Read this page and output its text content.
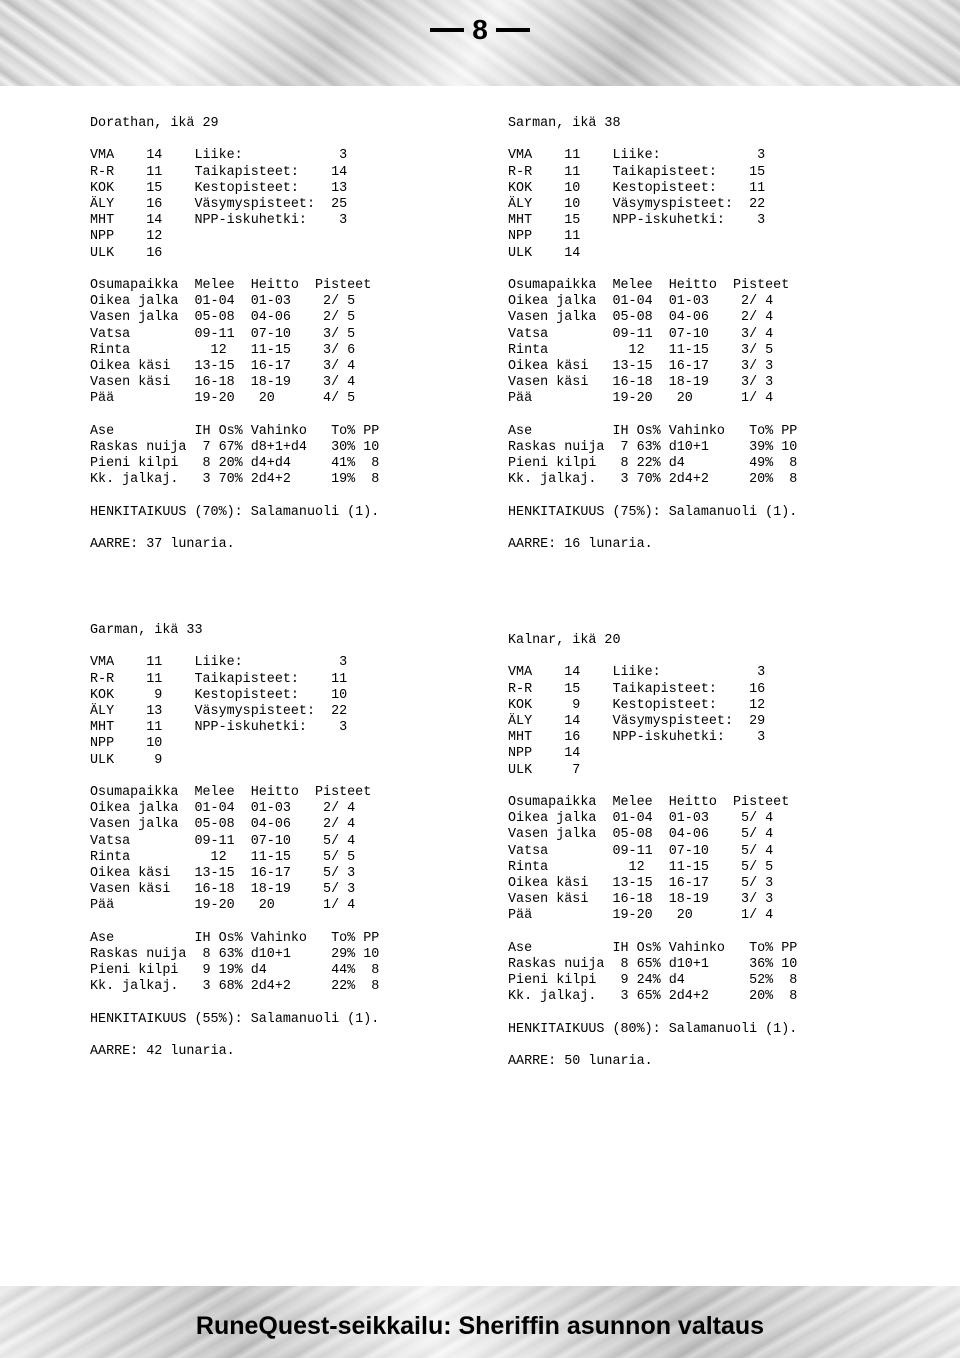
8
Dorathan, ikä 29

VMA    14    Liike:            3
R-R    11    Taikapisteet:    14
KOK    15    Kestopisteet:    13
ÄLY    16    Väsymyspisteet:  25
MHT    14    NPP-iskuhetki:    3
NPP    12
ULK    16

Osumapaikka  Melee  Heitto  Pisteet
Oikea jalka  01-04  01-03    2/ 5
Vasen jalka  05-08  04-06    2/ 5
Vatsa        09-11  07-10    3/ 5
Rinta          12   11-15    3/ 6
Oikea käsi   13-15  16-17    3/ 4
Vasen käsi   16-18  18-19    3/ 4
Pää          19-20   20      4/ 5

Ase          IH Os% Vahinko   To% PP
Raskas nuija  7 67% d8+1+d4   30% 10
Pieni kilpi   8 20% d4+d4     41%  8
Kk. jalkaj.   3 70% 2d4+2     19%  8

HENKITAIKUUS (70%): Salamanuoli (1).

AARRE: 37 lunaria.
Sarman, ikä 38

VMA    11    Liike:            3
R-R    11    Taikapisteet:    15
KOK    10    Kestopisteet:    11
ÄLY    10    Väsymyspisteet:  22
MHT    15    NPP-iskuhetki:    3
NPP    11
ULK    14

Osumapaikka  Melee  Heitto  Pisteet
Oikea jalka  01-04  01-03    2/ 4
Vasen jalka  05-08  04-06    2/ 4
Vatsa        09-11  07-10    3/ 4
Rinta          12   11-15    3/ 5
Oikea käsi   13-15  16-17    3/ 3
Vasen käsi   16-18  18-19    3/ 3
Pää          19-20   20      1/ 4

Ase          IH Os% Vahinko   To% PP
Raskas nuija  7 63% d10+1     39% 10
Pieni kilpi   8 22% d4        49%  8
Kk. jalkaj.   3 70% 2d4+2     20%  8

HENKITAIKUUS (75%): Salamanuoli (1).

AARRE: 16 lunaria.
Garman, ikä 33

VMA    11    Liike:            3
R-R    11    Taikapisteet:    11
KOK     9    Kestopisteet:    10
ÄLY    13    Väsymyspisteet:  22
MHT    11    NPP-iskuhetki:    3
NPP    10
ULK     9

Osumapaikka  Melee  Heitto  Pisteet
Oikea jalka  01-04  01-03    2/ 4
Vasen jalka  05-08  04-06    2/ 4
Vatsa        09-11  07-10    5/ 4
Rinta          12   11-15    5/ 5
Oikea käsi   13-15  16-17    5/ 3
Vasen käsi   16-18  18-19    5/ 3
Pää          19-20   20      1/ 4

Ase          IH Os% Vahinko   To% PP
Raskas nuija  8 63% d10+1     29% 10
Pieni kilpi   9 19% d4        44%  8
Kk. jalkaj.   3 68% 2d4+2     22%  8

HENKITAIKUUS (55%): Salamanuoli (1).

AARRE: 42 lunaria.
Kalnar, ikä 20

VMA    14    Liike:            3
R-R    15    Taikapisteet:    16
KOK     9    Kestopisteet:    12
ÄLY    14    Väsymyspisteet:  29
MHT    16    NPP-iskuhetki:    3
NPP    14
ULK     7

Osumapaikka  Melee  Heitto  Pisteet
Oikea jalka  01-04  01-03    5/ 4
Vasen jalka  05-08  04-06    5/ 4
Vatsa        09-11  07-10    5/ 4
Rinta          12   11-15    5/ 5
Oikea käsi   13-15  16-17    5/ 3
Vasen käsi   16-18  18-19    3/ 3
Pää          19-20   20      1/ 4

Ase          IH Os% Vahinko   To% PP
Raskas nuija  8 65% d10+1     36% 10
Pieni kilpi   9 24% d4        52%  8
Kk. jalkaj.   3 65% 2d4+2     20%  8

HENKITAIKUUS (80%): Salamanuoli (1).

AARRE: 50 lunaria.
RuneQuest-seikkailu: Sheriffin asunnon valtaus
